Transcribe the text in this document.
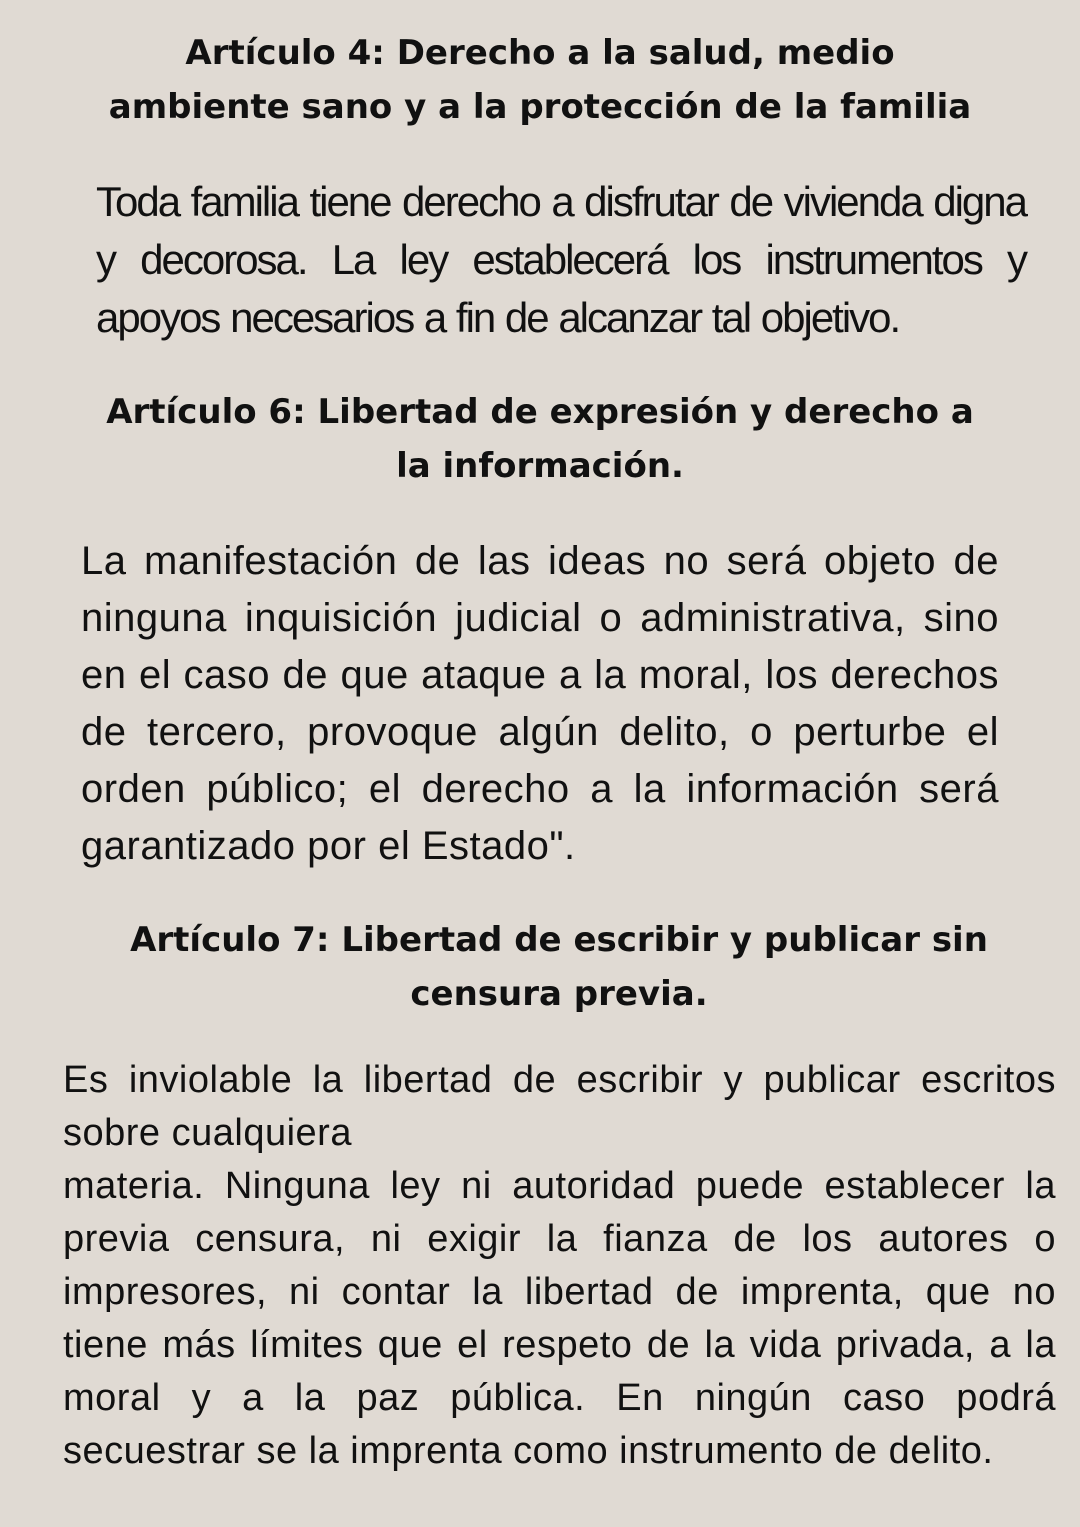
Artículo 4: Derecho a la salud, medio ambiente sano y a la protección de la familia

Toda familia tiene derecho a disfrutar de vivienda digna y decorosa. La ley establecerá los instrumentos y apoyos necesarios a fin de alcanzar tal objetivo.

Artículo 6: Libertad de expresión y derecho a la información.

La manifestación de las ideas no será objeto de ninguna inquisición judicial o administrativa, sino en el caso de que ataque a la moral, los derechos de tercero, provoque algún delito, o perturbe el orden público; el derecho a la información será garantizado por el Estado".

Artículo 7: Libertad de escribir y publicar sin censura previa.
Es inviolable la libertad de escribir y publicar escritos sobre cualquiera
materia. Ninguna ley ni autoridad puede establecer la previa censura, ni exigir la fianza de los autores o impresores, ni contar la libertad de imprenta, que no tiene más límites que el respeto de la vida privada, a la moral y a la paz pública. En ningún caso podrá secuestrar se la imprenta como instrumento de delito.
